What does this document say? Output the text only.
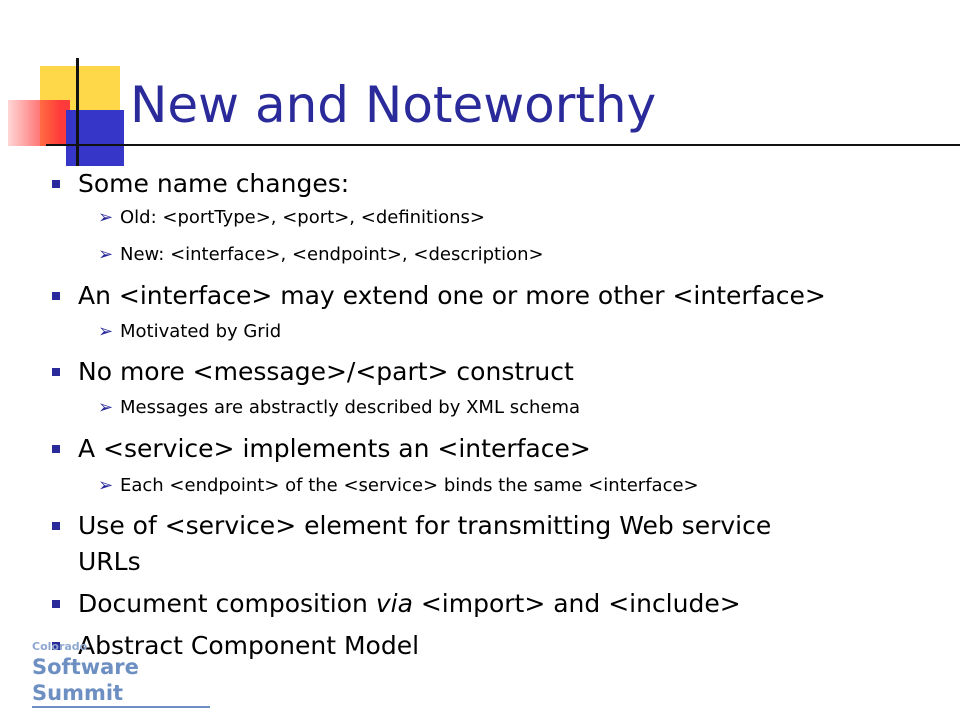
New and Noteworthy
Some name changes:
➢ Old: <portType>, <port>, <definitions>
➢ New: <interface>, <endpoint>, <description>
An <interface> may extend one or more other <interface>
➢ Motivated by Grid
No more <message>/<part> construct
➢ Messages are abstractly described by XML schema
A <service> implements an <interface>
➢ Each <endpoint> of the <service> binds the same <interface>
Use of <service> element for transmitting Web service
URLs
Document composition via <import> and <include>
Abstract Component Model
Colorado
Software Summit
